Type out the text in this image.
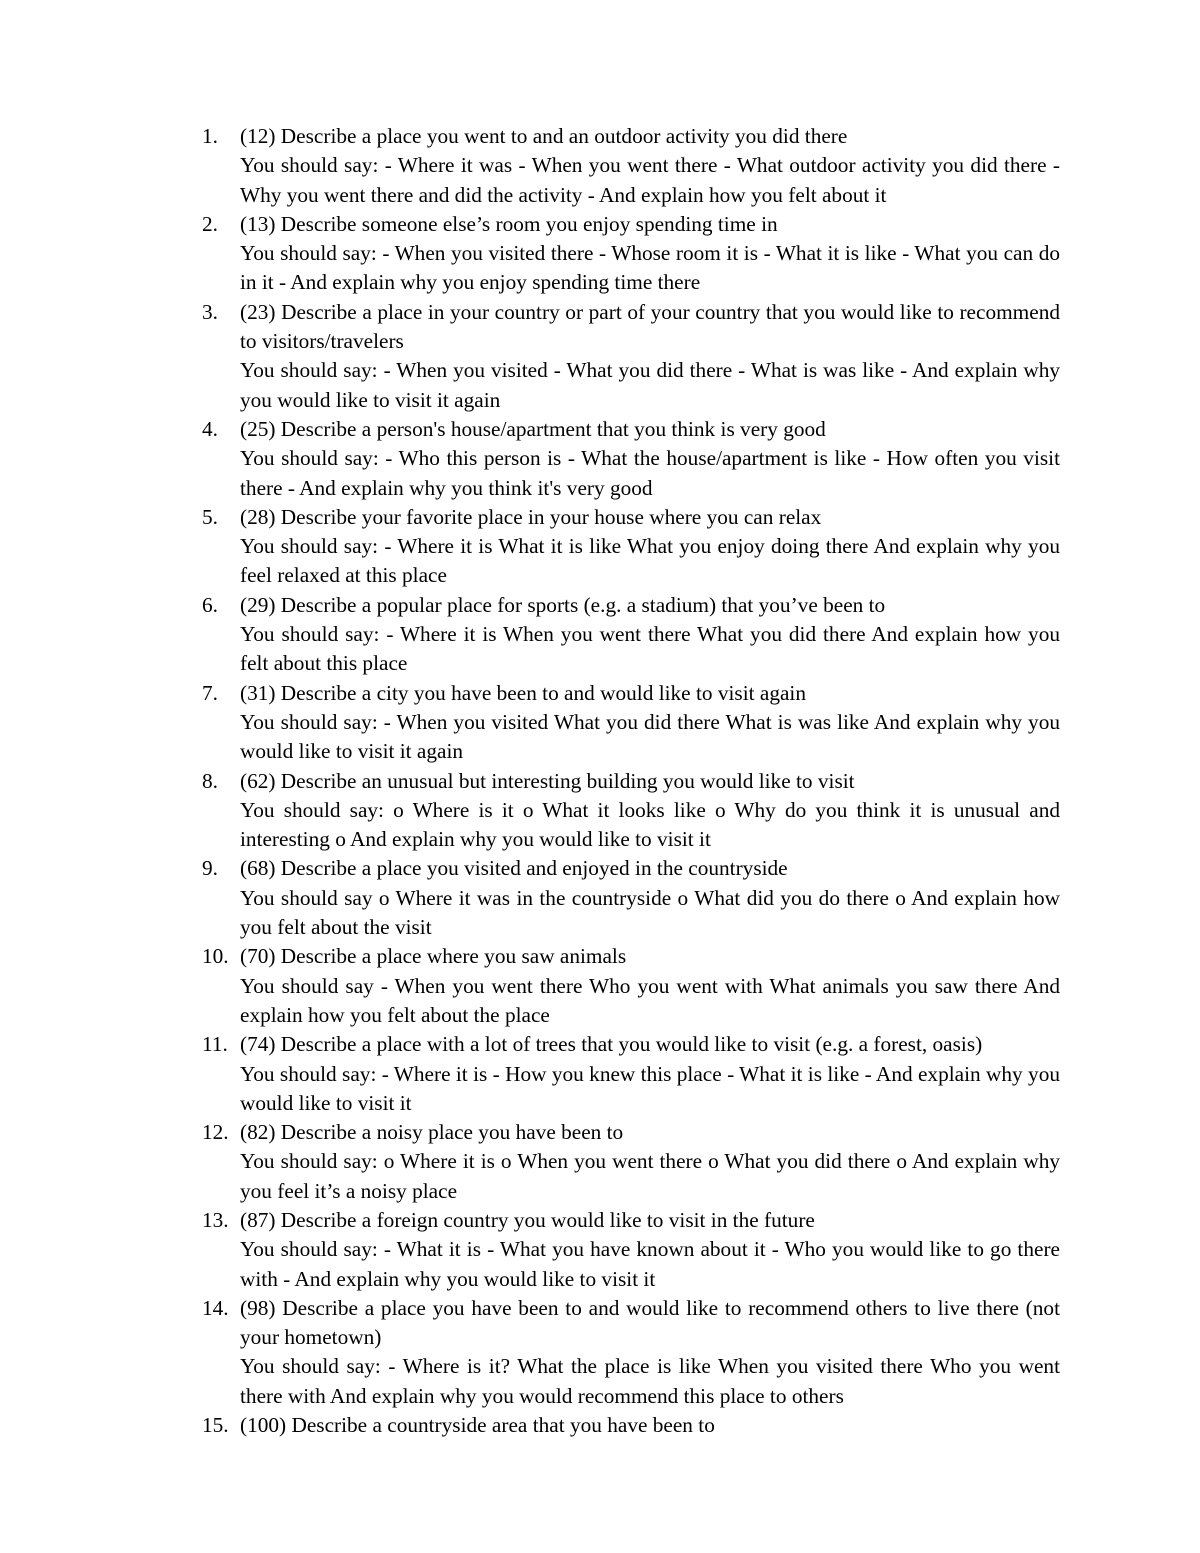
1.	(12) Describe a place you went to and an outdoor activity you did there
You should say: - Where it was - When you went there - What outdoor activity you did there - Why you went there and did the activity - And explain how you felt about it
2.	(13) Describe someone else’s room you enjoy spending time in
You should say: - When you visited there - Whose room it is - What it is like - What you can do in it - And explain why you enjoy spending time there
3.	(23) Describe a place in your country or part of your country that you would like to recommend to visitors/travelers
You should say: - When you visited - What you did there - What is was like - And explain why you would like to visit it again
4.	(25) Describe a person's house/apartment that you think is very good
You should say: - Who this person is - What the house/apartment is like - How often you visit there - And explain why you think it's very good
5.	(28) Describe your favorite place in your house where you can relax
You should say: - Where it is What it is like What you enjoy doing there And explain why you feel relaxed at this place
6.	(29) Describe a popular place for sports (e.g. a stadium) that you’ve been to
You should say: - Where it is When you went there What you did there And explain how you felt about this place
7.	(31) Describe a city you have been to and would like to visit again
You should say: - When you visited What you did there What is was like And explain why you would like to visit it again
8.	(62) Describe an unusual but interesting building you would like to visit
You should say: o Where is it o What it looks like o Why do you think it is unusual and interesting o And explain why you would like to visit it
9.	(68) Describe a place you visited and enjoyed in the countryside
You should say o Where it was in the countryside o What did you do there o And explain how you felt about the visit
10. (70) Describe a place where you saw animals
You should say - When you went there Who you went with What animals you saw there And explain how you felt about the place
11. (74) Describe a place with a lot of trees that you would like to visit (e.g. a forest, oasis)
You should say: - Where it is - How you knew this place - What it is like - And explain why you would like to visit it
12. (82) Describe a noisy place you have been to
You should say: o Where it is o When you went there o What you did there o And explain why you feel it’s a noisy place
13. (87) Describe a foreign country you would like to visit in the future
You should say: - What it is - What you have known about it - Who you would like to go there with - And explain why you would like to visit it
14. (98) Describe a place you have been to and would like to recommend others to live there (not your hometown)
You should say: - Where is it? What the place is like When you visited there Who you went there with And explain why you would recommend this place to others
15. (100) Describe a countryside area that you have been to
